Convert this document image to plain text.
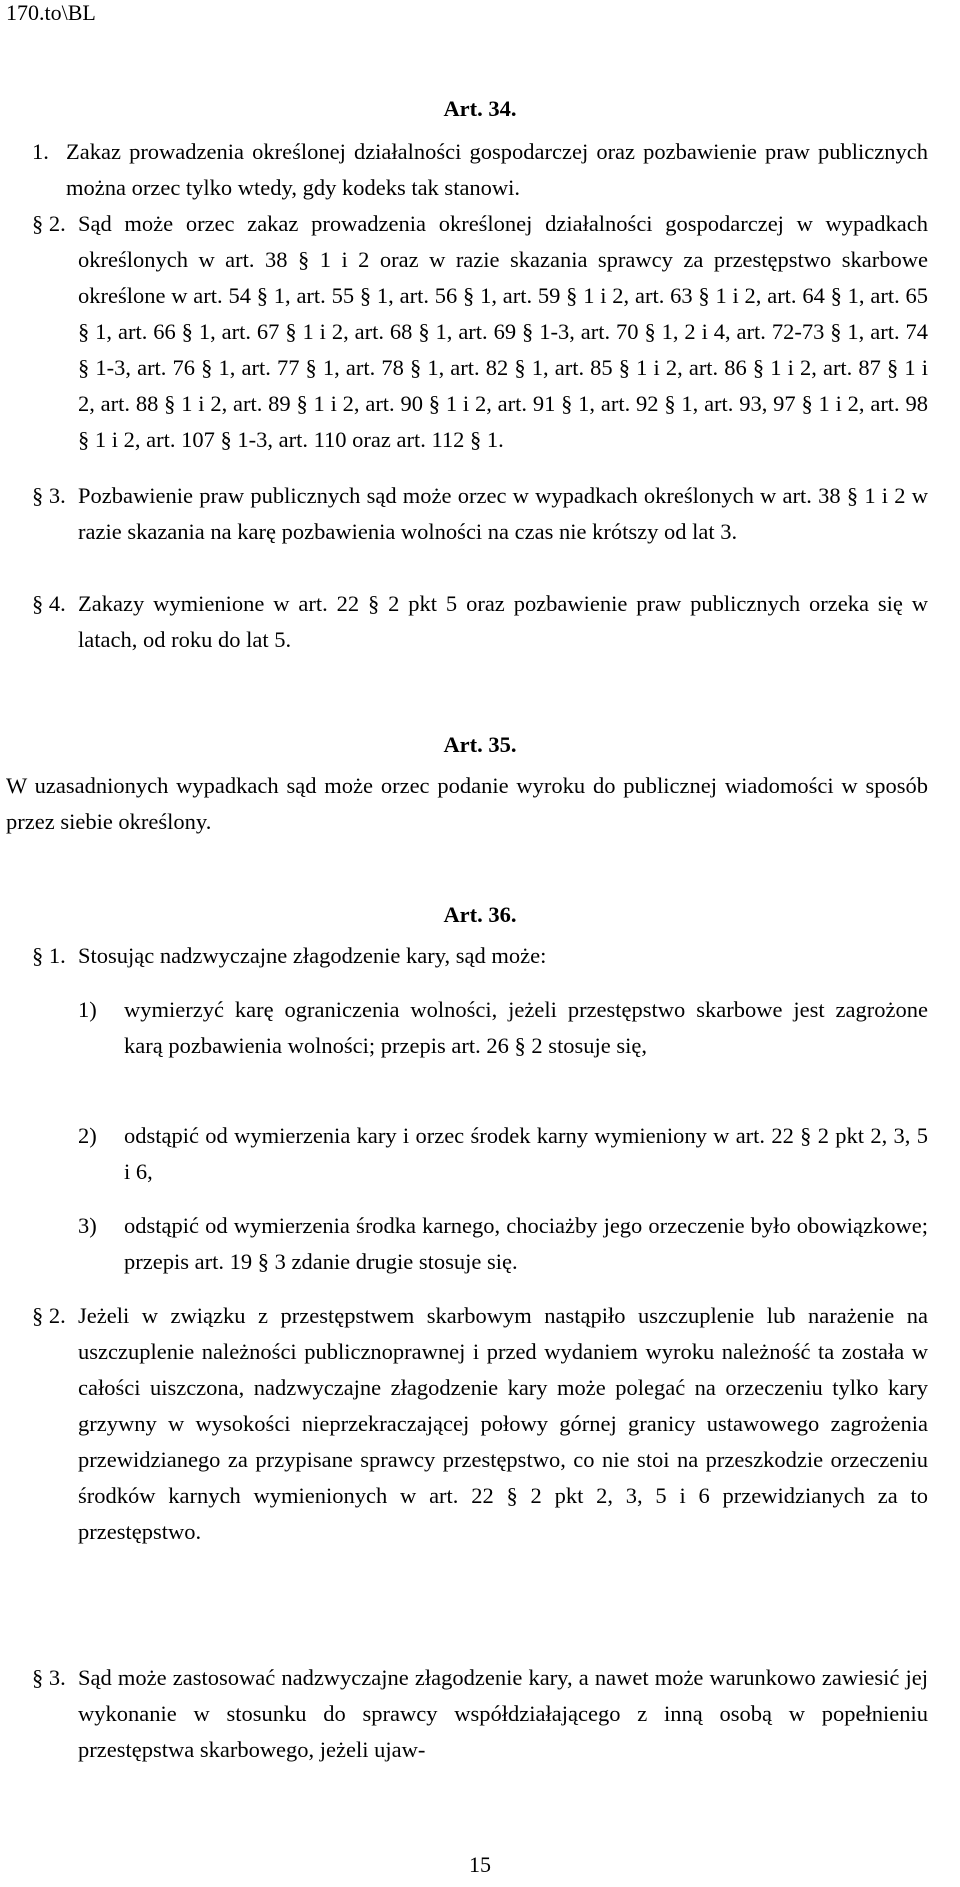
170.to\BL
Art. 34.
1. Zakaz prowadzenia określonej działalności gospodarczej oraz pozbawienie praw publicznych można orzec tylko wtedy, gdy kodeks tak stanowi.
§ 2. Sąd może orzec zakaz prowadzenia określonej działalności gospodarczej w wypadkach określonych w art. 38 § 1 i 2 oraz w razie skazania sprawcy za przestępstwo skarbowe określone w art. 54 § 1, art. 55 § 1, art. 56 § 1, art. 59 § 1 i 2, art. 63 § 1 i 2, art. 64 § 1, art. 65 § 1, art. 66 § 1, art. 67 § 1 i 2, art. 68 § 1, art. 69 § 1-3, art. 70 § 1, 2 i 4, art. 72-73 § 1, art. 74 § 1-3, art. 76 § 1, art. 77 § 1, art. 78 § 1, art. 82 § 1, art. 85 § 1 i 2, art. 86 § 1 i 2, art. 87 § 1 i 2, art. 88 § 1 i 2, art. 89 § 1 i 2, art. 90 § 1 i 2, art. 91 § 1, art. 92 § 1, art. 93, 97 § 1 i 2, art. 98 § 1 i 2, art. 107 § 1-3, art. 110 oraz art. 112 § 1.
§ 3. Pozbawienie praw publicznych sąd może orzec w wypadkach określonych w art. 38 § 1 i 2 w razie skazania na karę pozbawienia wolności na czas nie krótszy od lat 3.
§ 4. Zakazy wymienione w art. 22 § 2 pkt 5 oraz pozbawienie praw publicznych orzeka się w latach, od roku do lat 5.
Art. 35.
W uzasadnionych wypadkach sąd może orzec podanie wyroku do publicznej wiadomości w sposób przez siebie określony.
Art. 36.
§ 1. Stosując nadzwyczajne złagodzenie kary, sąd może:
1) wymierzyć karę ograniczenia wolności, jeżeli przestępstwo skarbowe jest zagrożone karą pozbawienia wolności; przepis art. 26 § 2 stosuje się,
2) odstąpić od wymierzenia kary i orzec środek karny wymieniony w art. 22 § 2 pkt 2, 3, 5 i 6,
3) odstąpić od wymierzenia środka karnego, chociażby jego orzeczenie było obowiązkowe; przepis art. 19 § 3 zdanie drugie stosuje się.
§ 2. Jeżeli w związku z przestępstwem skarbowym nastąpiło uszczuplenie lub narażenie na uszczuplenie należności publicznoprawnej i przed wydaniem wyroku należność ta została w całości uiszczona, nadzwyczajne złagodzenie kary może polegać na orzeczeniu tylko kary grzywny w wysokości nieprzekraczającej połowy górnej granicy ustawowego zagrożenia przewidzianego za przypisane sprawcy przestępstwo, co nie stoi na przeszkodzie orzeczeniu środków karnych wymienionych w art. 22 § 2 pkt 2, 3, 5 i 6 przewidzianych za to przestępstwo.
§ 3. Sąd może zastosować nadzwyczajne złagodzenie kary, a nawet może warunkowo zawiesić jej wykonanie w stosunku do sprawcy współdziałającego z inną osobą w popełnieniu przestępstwa skarbowego, jeżeli ujaw-
15
